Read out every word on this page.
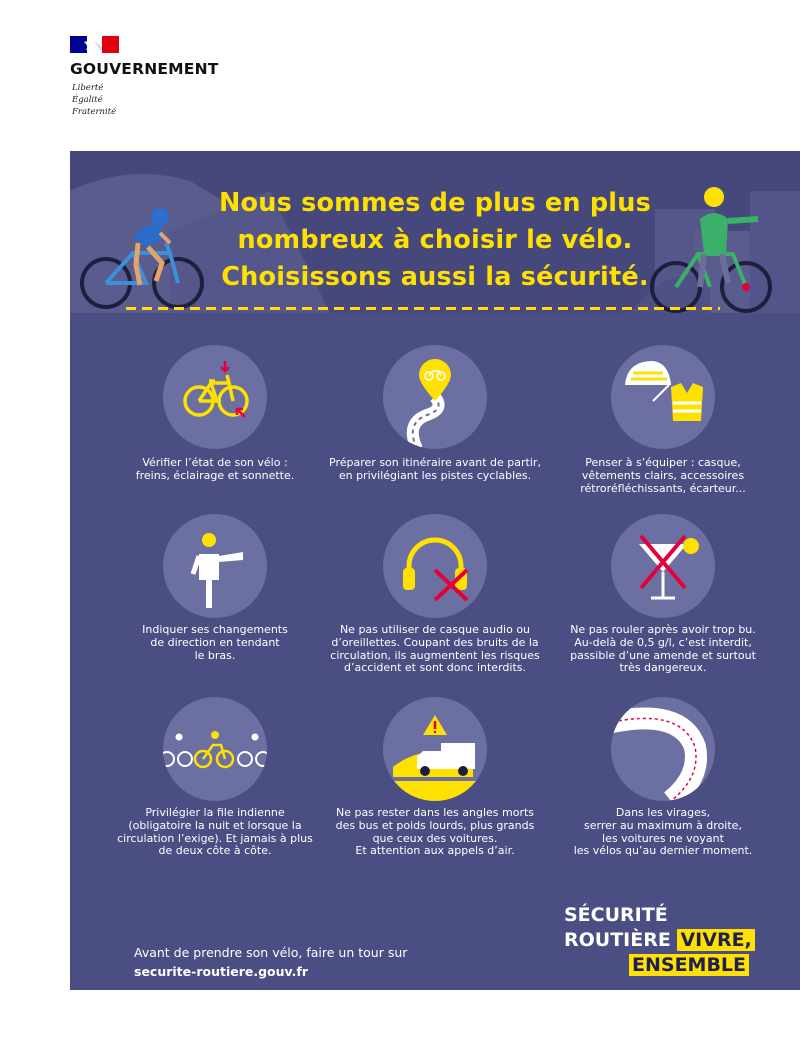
GOUVERNEMENT
Liberté
Égalité
Fraternité
Nous sommes de plus en plus
nombreux à choisir le vélo.
Choisissons aussi la sécurité.
Vérifier l’état de son vélo :
freins, éclairage et sonnette.
Préparer son itinéraire avant de partir,
en privilégiant les pistes cyclables.
Penser à s’équiper : casque,
vêtements clairs, accessoires
rétroréfléchissants, écarteur...
Indiquer ses changements
de direction en tendant
le bras.
Ne pas utiliser de casque audio ou
d’oreillettes. Coupant des bruits de la
circulation, ils augmentent les risques
d’accident et sont donc interdits.
Ne pas rouler après avoir trop bu.
Au-delà de 0,5 g/l, c’est interdit,
passible d’une amende et surtout
très dangereux.
Privilégier la file indienne
(obligatoire la nuit et lorsque la
circulation l’exige). Et jamais à plus
de deux côte à côte.
Ne pas rester dans les angles morts
des bus et poids lourds, plus grands
que ceux des voitures.
Et attention aux appels d’air.
Dans les virages,
serrer au maximum à droite,
les voitures ne voyant
les vélos qu’au dernier moment.
Avant de prendre son vélo, faire un tour sur
securite-routiere.gouv.fr
SÉCURITÉ
ROUTIÈRE VIVRE,
ENSEMBLE
